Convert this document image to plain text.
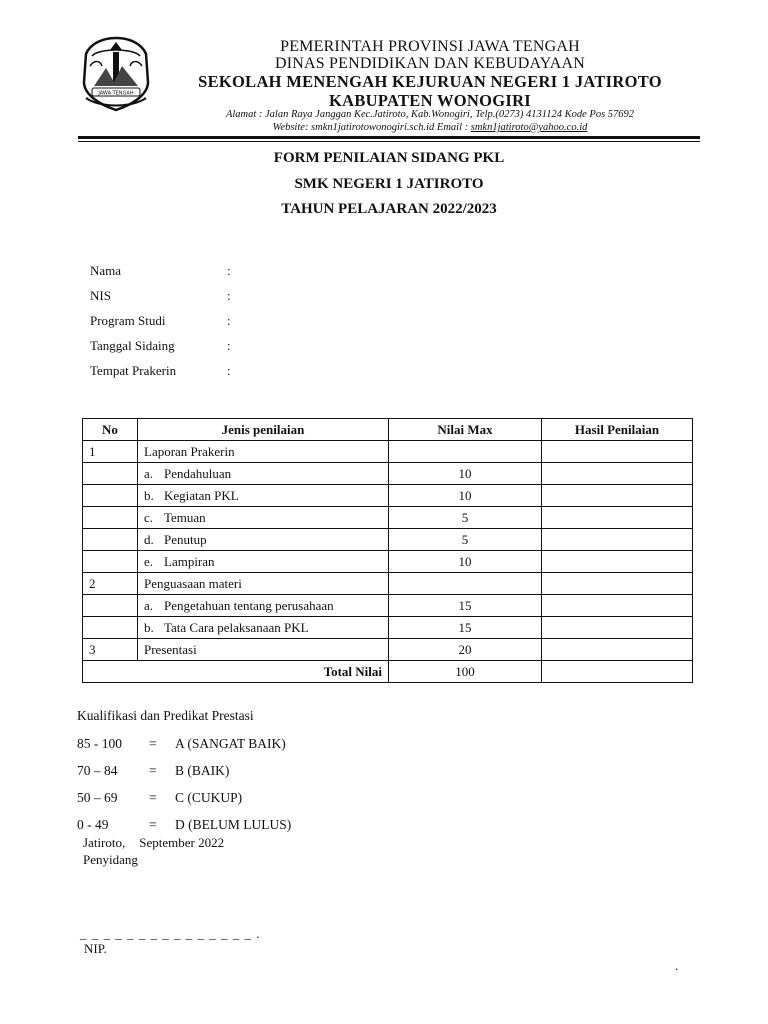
JAWA TENGAH
PEMERINTAH PROVINSI JAWA TENGAH
DINAS PENDIDIKAN DAN KEBUDAYAAN
SEKOLAH MENENGAH KEJURUAN NEGERI 1 JATIROTO
KABUPATEN WONOGIRI
Alamat : Jalan Raya Janggan Kec.Jatiroto, Kab.Wonogiri, Telp.(0273) 4131124 Kode Pos 57692
Website: smkn1jatirotowonogiri.sch.id Email : smkn1jatiroto@yahoo.co.id
FORM PENILAIAN SIDANG PKL
SMK NEGERI 1 JATIROTO
TAHUN PELAJARAN 2022/2023
Nama	:
NIS	:
Program Studi	:
Tanggal Sidaing	:
Tempat Prakerin	:
No	Jenis penilaian	Nilai Max	Hasil Penilaian
1	Laporan Prakerin		
	a. Pendahuluan	10	
	b. Kegiatan PKL	10	
	c. Temuan	5	
	d. Penutup	5	
	e. Lampiran	10	
2	Penguasaan materi		
	a. Pengetahuan tentang perusahaan	15	
	b. Tata Cara pelaksanaan PKL	15	
3	Presentasi	20	
Total Nilai		100	
Kualifikasi dan Predikat Prestasi
85 - 100	=	A (SANGAT BAIK)
70 – 84	=	B (BAIK)
50 – 69	=	C (CUKUP)
0 - 49	=	D (BELUM LULUS)
Jatiroto, September 2022
Penyidang
_ _ _ _ _ _ _ _ _ _ _ _ _ _ _ .
NIP.
.
